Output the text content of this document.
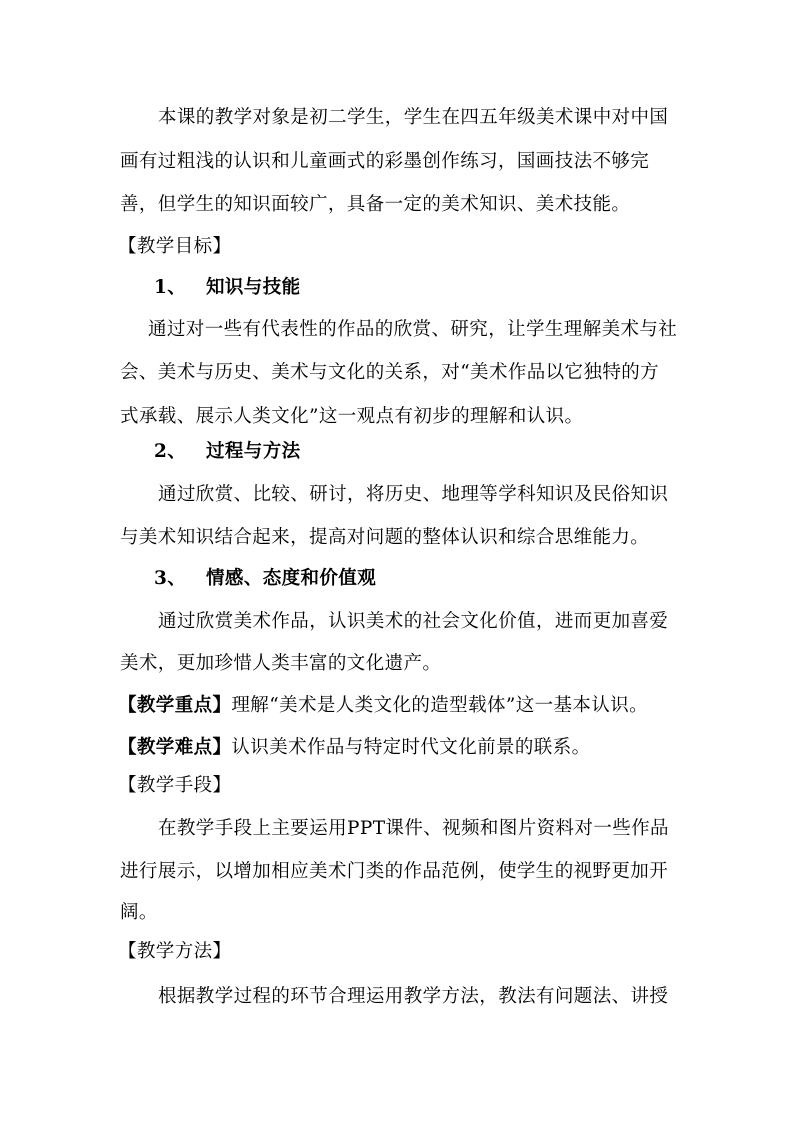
本课的教学对象是初二学生，学生在四五年级美术课中对中国
画有过粗浅的认识和儿童画式的彩墨创作练习，国画技法不够完
善，但学生的知识面较广，具备一定的美术知识、美术技能。
【教学目标】
1、 知识与技能
通过对一些有代表性的作品的欣赏、研究，让学生理解美术与社
会、美术与历史、美术与文化的关系，对“美术作品以它独特的方
式承载、展示人类文化”这一观点有初步的理解和认识。
2、 过程与方法
通过欣赏、比较、研讨，将历史、地理等学科知识及民俗知识
与美术知识结合起来，提高对问题的整体认识和综合思维能力。
3、 情感、态度和价值观
通过欣赏美术作品，认识美术的社会文化价值，进而更加喜爱
美术，更加珍惜人类丰富的文化遗产。
【教学重点】理解“美术是人类文化的造型载体”这一基本认识。
【教学难点】认识美术作品与特定时代文化前景的联系。
【教学手段】
在教学手段上主要运用PPT课件、视频和图片资料对一些作品
进行展示，以增加相应美术门类的作品范例，使学生的视野更加开
阔。
【教学方法】
根据教学过程的环节合理运用教学方法，教法有问题法、讲授
